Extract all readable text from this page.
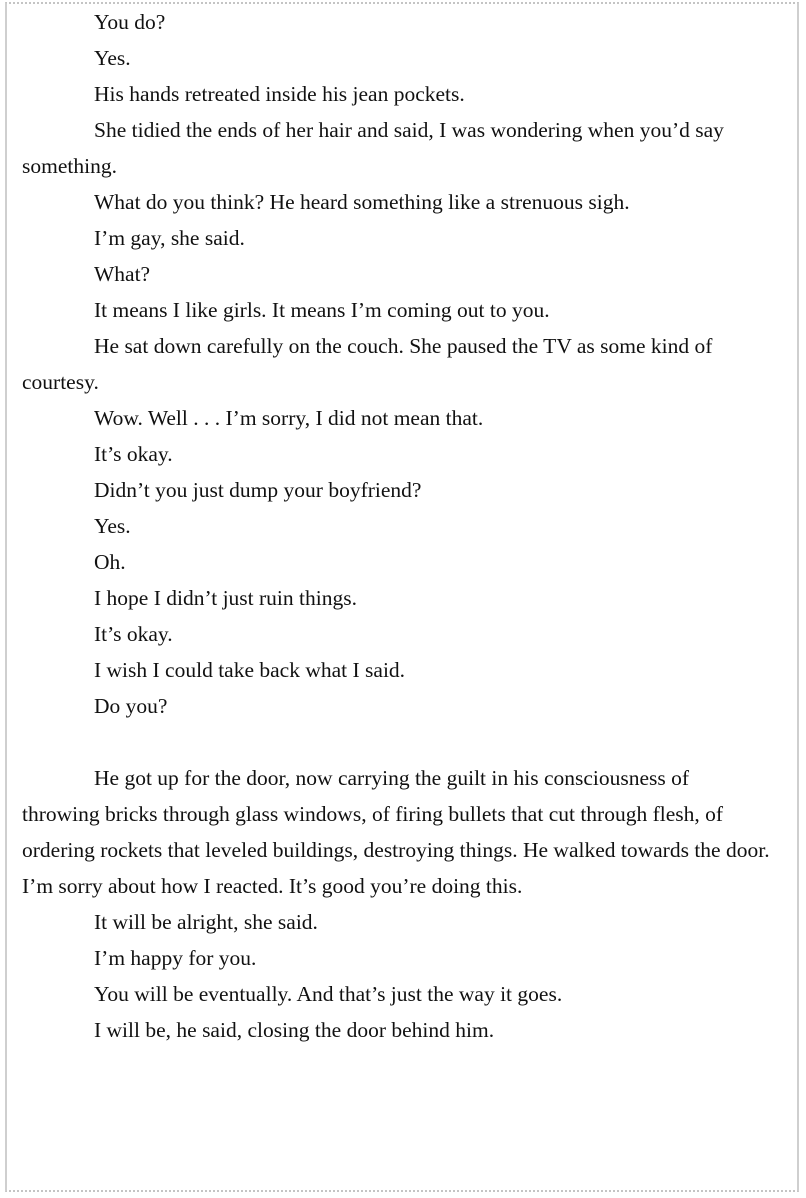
You do?

Yes.

His hands retreated inside his jean pockets.

She tidied the ends of her hair and said, I was wondering when you’d say something.

What do you think? He heard something like a strenuous sigh.

I’m gay, she said.

What?

It means I like girls. It means I’m coming out to you.

He sat down carefully on the couch. She paused the TV as some kind of courtesy.

Wow. Well . . . I’m sorry, I did not mean that.

It’s okay.

Didn’t you just dump your boyfriend?

Yes.

Oh.

I hope I didn’t just ruin things.

It’s okay.

I wish I could take back what I said.

Do you?

He got up for the door, now carrying the guilt in his consciousness of throwing bricks through glass windows, of firing bullets that cut through flesh, of ordering rockets that leveled buildings, destroying things. He walked towards the door. I’m sorry about how I reacted. It’s good you’re doing this.

It will be alright, she said.

I’m happy for you.

You will be eventually. And that’s just the way it goes.

I will be, he said, closing the door behind him.
